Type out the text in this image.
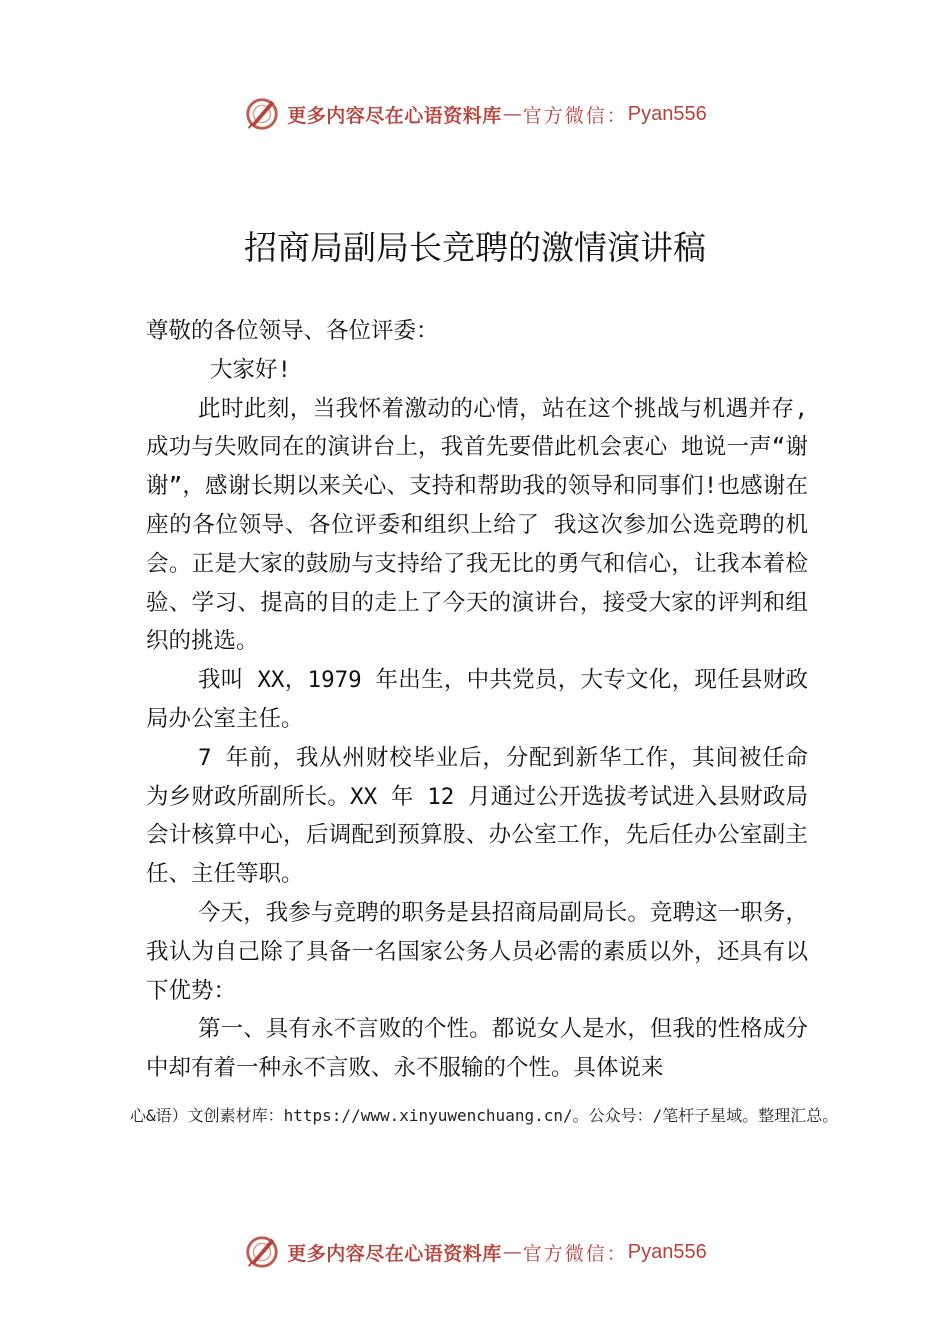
更多内容尽在心语资料库 — 官方微信： Pyan556
招商局副局长竞聘的激情演讲稿

尊敬的各位领导、各位评委：

大家好!

此时此刻，当我怀着激动的心情，站在这个挑战与机遇并存,成功与失败同在的演讲台上，我首先要借此机会衷心 地说一声“谢谢”，感谢长期以来关心、支持和帮助我的领导和同事们!也感谢在座的各位领导、各位评委和组织上给了 我这次参加公选竞聘的机会。正是大家的鼓励与支持给了我无比的勇气和信心，让我本着检验、学习、提高的目的走上了今天的演讲台，接受大家的评判和组织的挑选。

我叫 XX，1979 年出生，中共党员，大专文化，现任县财政局办公室主任。

7 年前，我从州财校毕业后，分配到新华工作，其间被任命为乡财政所副所长。XX 年 12 月通过公开选拔考试进入县财政局会计核算中心，后调配到预算股、办公室工作，先后任办公室副主任、主任等职。

今天，我参与竞聘的职务是县招商局副局长。竞聘这一职务，我认为自己除了具备一名国家公务人员必需的素质以外，还具有以下优势：

第一、具有永不言败的个性。都说女人是水，但我的性格成分中却有着一种永不言败、永不服输的个性。具体说来

心&语）文创素材库：https://www.xinyuwenchuang.cn/。公众号：/笔杆子星域。整理汇总。
更多内容尽在心语资料库 — 官方微信： Pyan556
